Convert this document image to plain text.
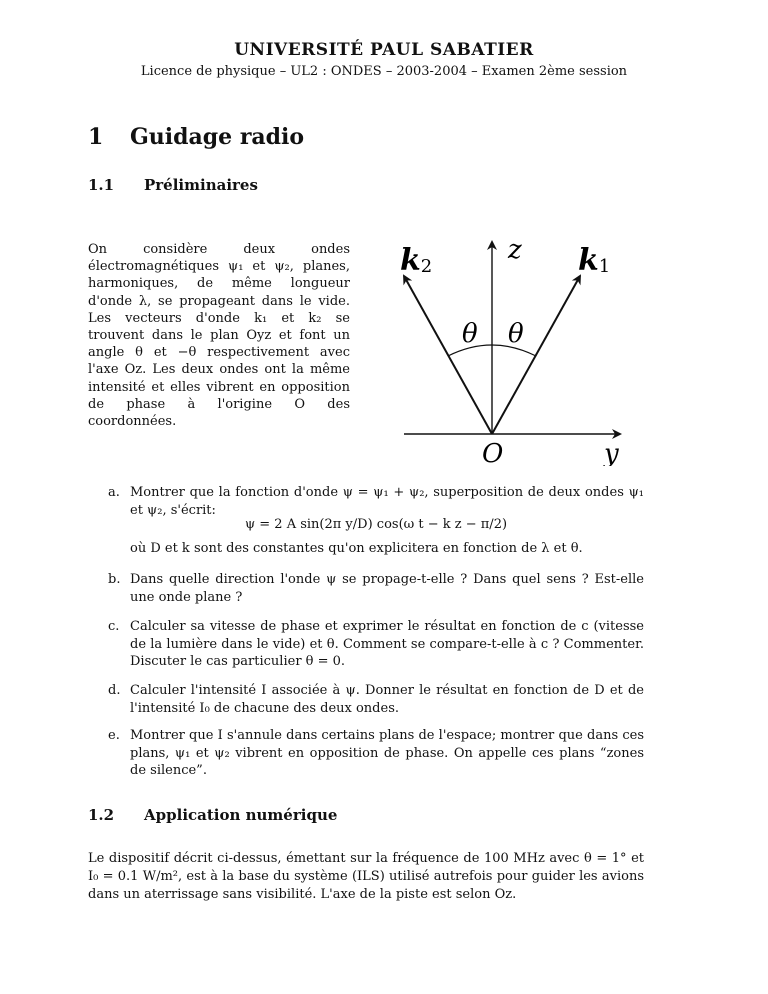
UNIVERSITÉ PAUL SABATIER
Licence de physique – UL2 : ONDES – 2003-2004 – Examen 2ème session
1 Guidage radio
1.1 Préliminaires
On considère deux ondes électromagnétiques ψ₁ et ψ₂, planes, harmoniques, de même longueur d'onde λ, se propageant dans le vide. Les vecteurs d'onde k₁ et k₂ se trouvent dans le plan Oyz et font un angle θ et −θ respectivement avec l'axe Oz. Les deux ondes ont la même intensité et elles vibrent en opposition de phase à l'origine O des coordonnées.
k2	k1
z
θ θ
O	y
a. Montrer que la fonction d'onde ψ = ψ₁ + ψ₂, superposition de deux ondes ψ₁ et ψ₂, s'écrit:
ψ = 2 A sin(2π y/D) cos(ω t − k z − π/2)
où D et k sont des constantes qu'on explicitera en fonction de λ et θ.
b. Dans quelle direction l'onde ψ se propage-t-elle ? Dans quel sens ? Est-elle une onde plane ?
c. Calculer sa vitesse de phase et exprimer le résultat en fonction de c (vitesse de la lumière dans le vide) et θ. Comment se compare-t-elle à c ? Commenter. Discuter le cas particulier θ = 0.
d. Calculer l'intensité I associée à ψ. Donner le résultat en fonction de D et de l'intensité I₀ de chacune des deux ondes.
e. Montrer que I s'annule dans certains plans de l'espace; montrer que dans ces plans, ψ₁ et ψ₂ vibrent en opposition de phase. On appelle ces plans “zones de silence”.
1.2 Application numérique
Le dispositif décrit ci-dessus, émettant sur la fréquence de 100 MHz avec θ = 1° et I₀ = 0.1 W/m², est à la base du système (ILS) utilisé autrefois pour guider les avions dans un aterrissage sans visibilité. L'axe de la piste est selon Oz.
